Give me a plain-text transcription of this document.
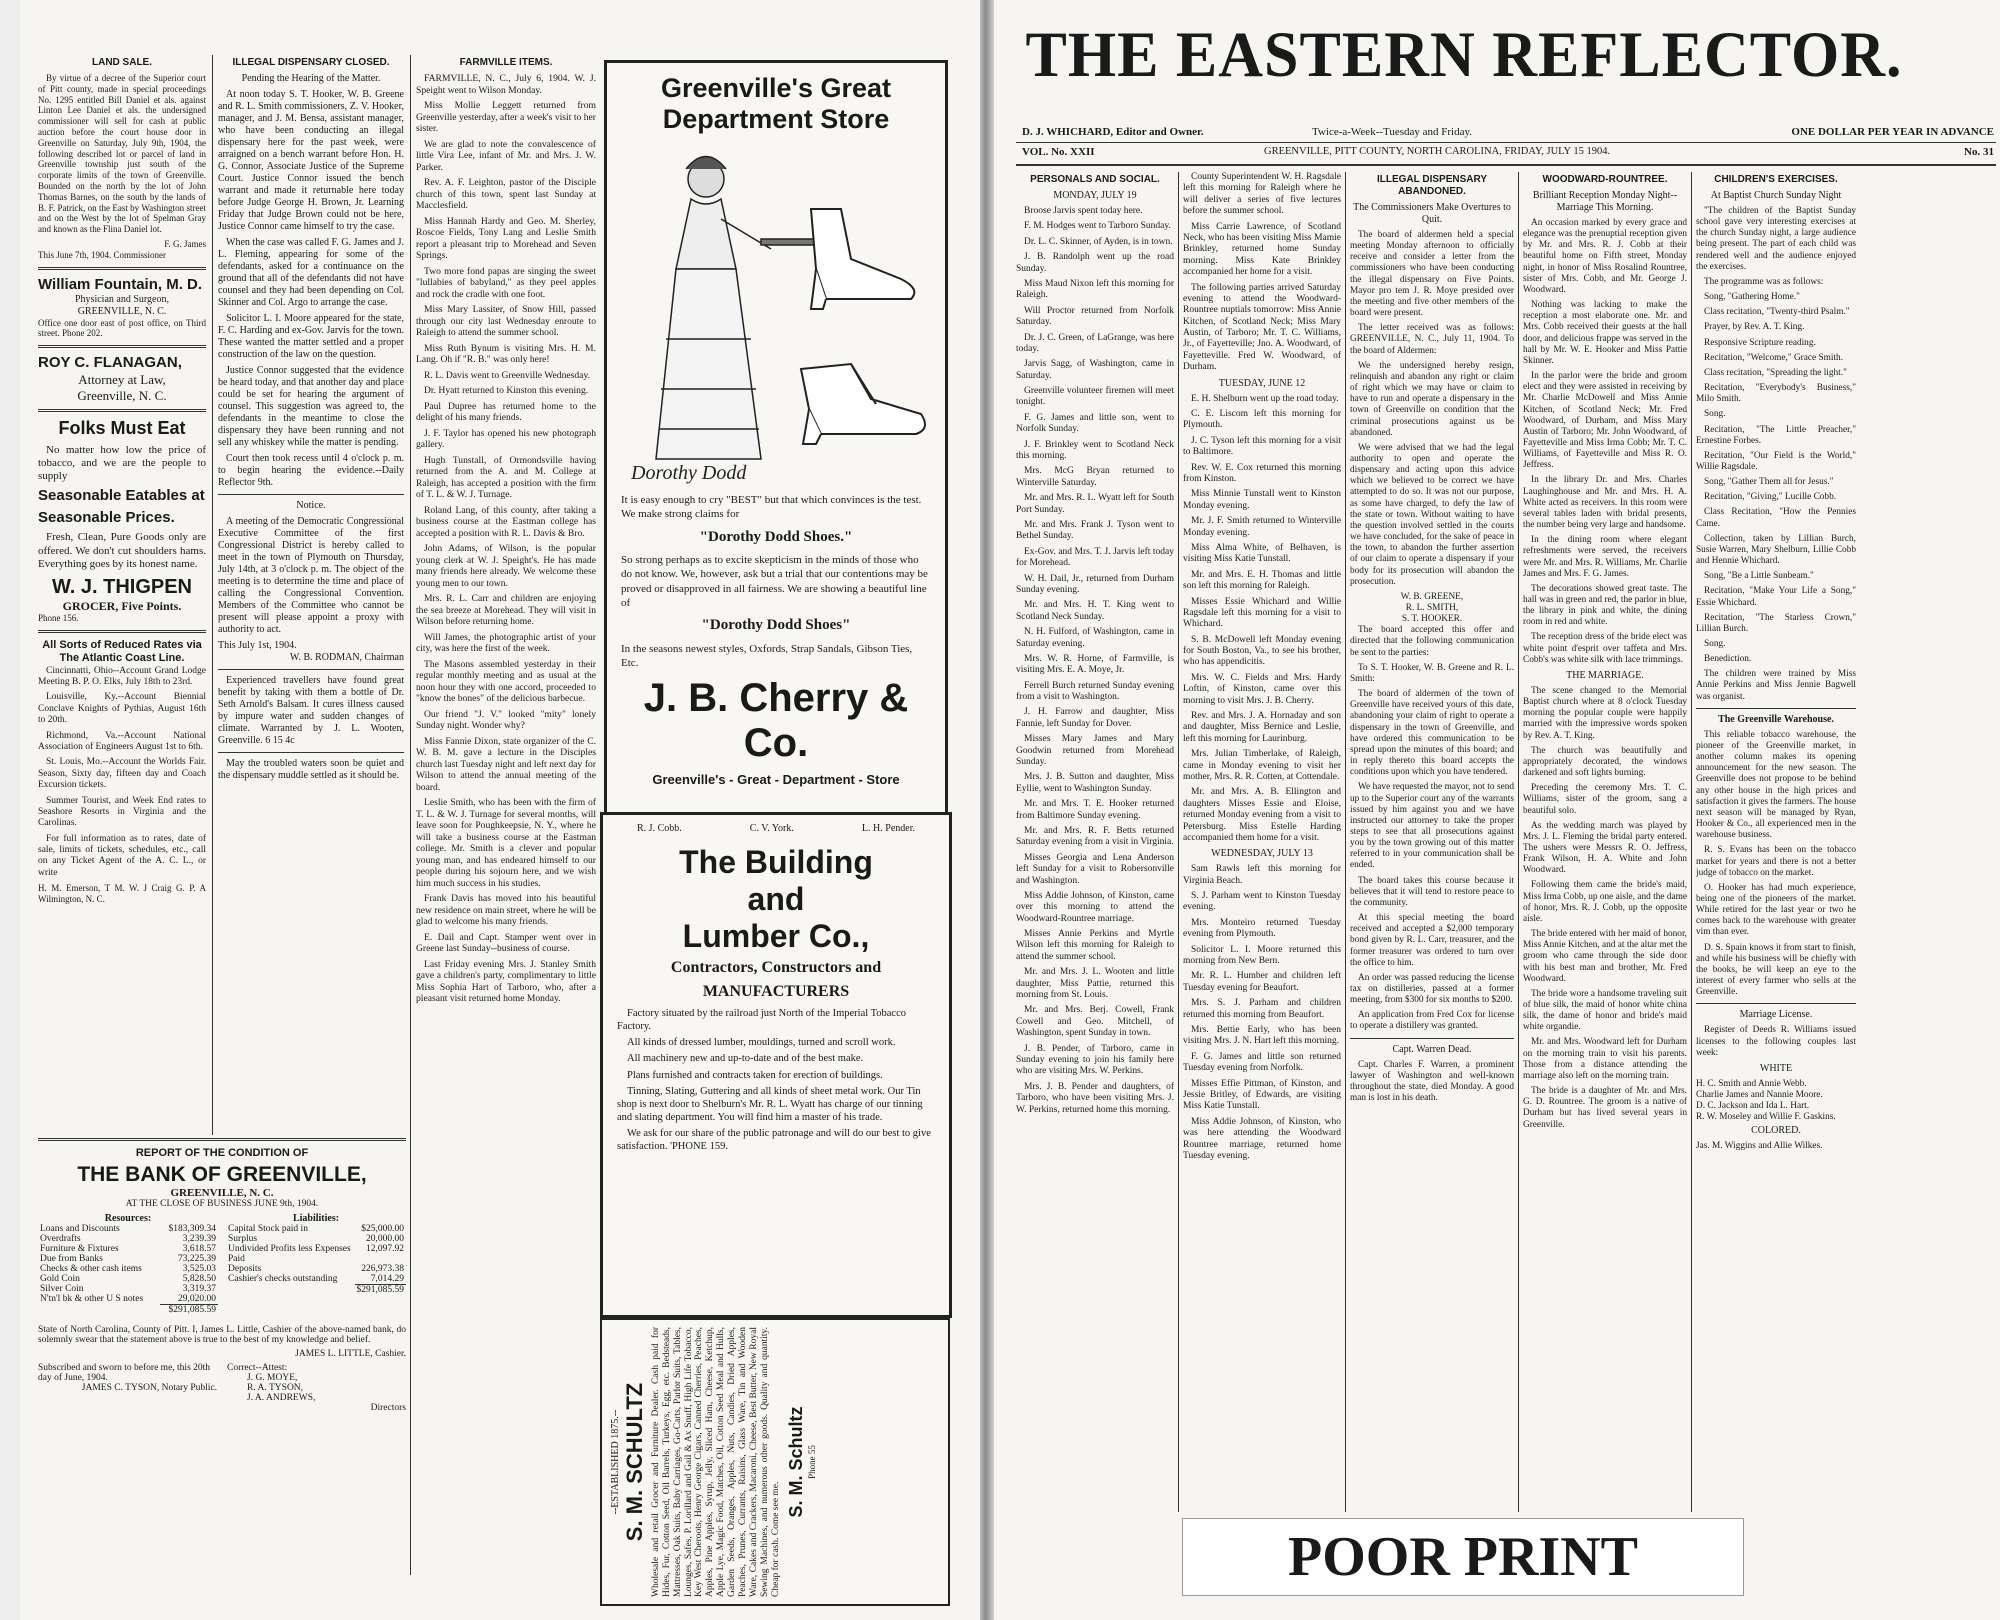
LAND SALE.

By virtue of a decree of the Superior court of Pitt county, made in special proceedings No. 1295 entitled Bill Daniel et als. against Linton Lee Daniel et als. the undersigned commissioner will sell for cash at public auction before the court house door in Greenville on Saturday, July 9th, 1904, the following described lot or parcel of land in Greenville township just south of the corporate limits of the town of Greenville. Bounded on the north by the lot of John Thomas Barnes, on the south by the lands of B. F. Patrick, on the East by Washington street and on the West by the lot of Spelman Gray and known as the Flina Daniel lot.

F. G. James
This June 7th, 1904. Commissioner
William Fountain, M. D.
Physician and Surgeon,
GREENVILLE, N. C.
Office one door east of post office, on Third street. Phone 202.
ROY C. FLANAGAN,
Attorney at Law,
Greenville, N. C.
Folks Must Eat

No matter how low the price of tobacco, and we are the people to supply

Seasonable Eatables at
Seasonable Prices.

Fresh, Clean, Pure Goods only are offered. We don't cut shoulders hams. Everything goes by its honest name.

W. J. THIGPEN
GROCER, Five Points.
Phone 156.
All Sorts of Reduced Rates via The Atlantic Coast Line.

Cincinnatti, Ohio--Account Grand Lodge Meeting B. P. O. Elks, July 18th to 23rd.

Louisville, Ky.--Account Biennial Conclave Knights of Pythias, August 16th to 20th.

Richmond, Va.--Account National Association of Engineers August 1st to 6th.

St. Louis, Mo.--Account the Worlds Fair. Season, Sixty day, fifteen day and Coach Excursion tickets.

Summer Tourist, and Week End rates to Seashore Resorts in Virginia and the Carolinas.

For full information as to rates, date of sale, limits of tickets, schedules, etc., call on any Ticket Agent of the A. C. L., or write

H. M. Emerson, T M. W. J Craig G. P. A Wilmington, N. C.
ILLEGAL DISPENSARY CLOSED.
Pending the Hearing of the Matter.

At noon today S. T. Hooker, W. B. Greene and R. L. Smith commissioners, Z. V. Hooker, manager, and J. M. Bensa, assistant manager, who have been conducting an illegal dispensary here for the past week, were arraigned on a bench warrant before Hon. H. G. Connor, Associate Justice of the Supreme Court. Justice Connor issued the bench warrant and made it returnable here today before Judge George H. Brown, Jr. Learning Friday that Judge Brown could not be here, Justice Connor came himself to try the case.

When the case was called F. G. James and J. L. Fleming, appearing for some of the defendants, asked for a continuance on the ground that all of the defendants did not have counsel and they had been depending on Col. Skinner and Col. Argo to arrange the case.

Solicitor L. I. Moore appeared for the state, F. C. Harding and ex-Gov. Jarvis for the town. These wanted the matter settled and a proper construction of the law on the question.

Justice Connor suggested that the evidence be heard today, and that another day and place could be set for hearing the argument of counsel. This suggestion was agreed to, the defendants in the meantime to close the dispensary they have been running and not sell any whiskey while the matter is pending.

Court then took recess until 4 o'clock p. m. to begin hearing the evidence.--Daily Reflector 9th.

Notice.

A meeting of the Democratic Congressional Executive Committee of the first Congressional District is hereby called to meet in the town of Plymouth on Thursday, July 14th, at 3 o'clock p. m. The object of the meeting is to determine the time and place of calling the Congressional Convention. Members of the Committee who cannot be present will please appoint a proxy with authority to act.

This July 1st, 1904.
W. B. RODMAN, Chairman

Experienced travellers have found great benefit by taking with them a bottle of Dr. Seth Arnold's Balsam. It cures illness caused by impure water and sudden changes of climate. Warranted by J. L. Wooten, Greenville. 6 15 4c

May the troubled waters soon be quiet and the dispensary muddle settled as it should be.

FARMVILLE ITEMS.

FARMVILLE, N. C., July 6, 1904. W. J. Speight went to Wilson Monday.

Miss Mollie Leggett returned from Greenville yesterday, after a week's visit to her sister.

We are glad to note the convalescence of little Vira Lee, infant of Mr. and Mrs. J. W. Parker.

Rev. A. F. Leighton, pastor of the Disciple church of this town, spent last Sunday at Macclesfield.

Miss Hannah Hardy and Geo. M. Sherley, Roscoe Fields, Tony Lang and Leslie Smith report a pleasant trip to Morehead and Seven Springs.

Two more fond papas are singing the sweet "lullabies of babyland," as they peel apples and rock the cradle with one foot.

Miss Mary Lassiter, of Snow Hill, passed through our city last Wednesday enroute to Raleigh to attend the summer school.

Miss Ruth Bynum is visiting Mrs. H. M. Lang. Oh if "R. B." was only here!

R. L. Davis went to Greenville Wednesday.

Dr. Hyatt returned to Kinston this evening.

Paul Dupree has returned home to the delight of his many friends.

J. F. Taylor has opened his new photograph gallery.

Hugh Tunstall, of Ormondsville having returned from the A. and M. College at Raleigh, has accepted a position with the firm of T. L. & W. J. Turnage.

Roland Lang, of this county, after taking a business course at the Eastman college has accepted a position with R. L. Davis & Bro.

John Adams, of Wilson, is the popular young clerk at W. J. Speight's. He has made many friends here already. We welcome these young men to our town.

Mrs. R. L. Carr and children are enjoying the sea breeze at Morehead. They will visit in Wilson before returning home.

Will James, the photographic artist of your city, was here the first of the week.

The Masons assembled yesterday in their regular monthly meeting and as usual at the noon hour they with one accord, proceeded to "know the bones" of the delicious barbecue.

Our friend "J. V." looked "mity" lonely Sunday night. Wonder why?

Miss Fannie Dixon, state organizer of the C. W. B. M. gave a lecture in the Disciples church last Tuesday night and left next day for Wilson to attend the annual meeting of the board.

Leslie Smith, who has been with the firm of T. L. & W. J. Turnage for several months, will leave soon for Poughkeepsie, N. Y., where he will take a business course at the Eastman college. Mr. Smith is a clever and popular young man, and has endeared himself to our people during his sojourn here, and we wish him much success in his studies.

Frank Davis has moved into his beautiful new residence on main street, where he will be glad to welcome his many friends.

E. Dail and Capt. Stamper went over in Greene last Sunday--business of course.

Last Friday evening Mrs. J. Stanley Smith gave a children's party, complimentary to little Miss Sophia Hart of Tarboro, who, after a pleasant visit returned home Monday.

REPORT OF THE CONDITION OF
THE BANK OF GREENVILLE,
GREENVILLE, N. C.
AT THE CLOSE OF BUSINESS JUNE 9th, 1904.
Resources:
Loans and Discounts	$183,309.34
Overdrafts	3,239.39
Furniture & Fixtures	3,618.57
Due from Banks	73,225.39
Checks & other cash items	3,525.03
Gold Coin	5,828.50
Silver Coin	3,319.37
N'tn'l bk & other U S notes	29,020.00
	$291,085.59
Liabilities:
Capital Stock paid in	$25,000.00
Surplus	20,000.00
Undivided Profits less Expenses Paid	12,097.92
Deposits	226,973.38
Cashier's checks outstanding	7,014.29
	$291,085.59

State of North Carolina, County of Pitt. I, James L. Little, Cashier of the above-named bank, do solemnly swear that the statement above is true to the best of my knowledge and belief.

JAMES L. LITTLE, Cashier.
Subscribed and sworn to before me, this 20th day of June, 1904.
JAMES C. TYSON, Notary Public.
Correct--Attest:
J. G. MOYE,
R. A. TYSON,
J. A. ANDREWS,
Directors
Greenville's Great
Department Store
Dorothy Dodd

It is easy enough to cry "BEST" but that which convinces is the test. We make strong claims for

"Dorothy Dodd Shoes."

So strong perhaps as to excite skepticism in the minds of those who do not know. We, however, ask but a trial that our contentions may be proved or disapproved in all fairness. We are showing a beautiful line of

"Dorothy Dodd Shoes"

In the seasons newest styles, Oxfords, Strap Sandals, Gibson Ties, Etc.

J. B. Cherry & Co.
Greenville's - Great - Department - Store
R. J. Cobb.	C. V. York.	L. H. Pender.
The Building
and
Lumber Co.,
Contractors, Constructors and
MANUFACTURERS

Factory situated by the railroad just North of the Imperial Tobacco Factory.

All kinds of dressed lumber, mouldings, turned and scroll work.

All machinery new and up-to-date and of the best make.

Plans furnished and contracts taken for erection of buildings.

Tinning, Slating, Guttering and all kinds of sheet metal work. Our Tin shop is next door to Shelburn's Mr. R. L. Wyatt has charge of our tinning and slating department. You will find him a master of his trade.

We ask for our share of the public patronage and will do our best to give satisfaction. 'PHONE 159.

--ESTABLISHED 1875.-- S. M. SCHULTZ Wholesale and retail Grocer and Furniture Dealer. Cash paid for Hides, Fur, Cotton Seed, Oil Barrels, Turkeys, Egg, etc. Bedsteads, Mattresses, Oak Suits, Baby Carriages, Go-Carts, Parlor Suits, Tables, Lounges, Safes, P. Lorillard and Gail & Ax Snuff, High Life Tobacco, Key West Cheroots, Henry George Cigars, Canned Cherries, Peaches, Apples, Pine Apples, Syrup, Jelly, Sliced Ham, Cheese, Ketchup, Apple Lye, Magic Food, Matches, Oil, Cotton Seed Meal and Hulls, Garden Seeds, Oranges, Apples, Nuts, Candies, Dried Apples, Peaches, Prunes, Currants, Raisins, Glass Ware, Tin and Wooden Ware, Cakes and Crackers, Macaroni, Cheese, Best Butter, New Royal Sewing Machines, and numerous other goods. Quality and quantity. Cheap for cash. Come see me.

S. M. Schultz Phone 55
THE EASTERN REFLECTOR.
D. J. WHICHARD, Editor and Owner.	Twice-a-Week--Tuesday and Friday.	ONE DOLLAR PER YEAR IN ADVANCE
VOL. No. XXII	GREENVILLE, PITT COUNTY, NORTH CAROLINA, FRIDAY, JULY 15 1904.	No. 31
PERSONALS AND SOCIAL.
MONDAY, JULY 19

Broose Jarvis spent today here.

F. M. Hodges went to Tarboro Sunday.

Dr. L. C. Skinner, of Ayden, is in town.

J. B. Randolph went up the road Sunday.

Miss Maud Nixon left this morning for Raleigh.

Will Proctor returned from Norfolk Saturday.

Dr. J. C. Green, of LaGrange, was here today.

Jarvis Sagg, of Washington, came in Saturday.

Greenville volunteer firemen will meet tonight.

F. G. James and little son, went to Norfolk Sunday.

J. F. Brinkley went to Scotland Neck this morning.

Mrs. McG Bryan returned to Winterville Saturday.

Mr. and Mrs. R. L. Wyatt left for South Port Sunday.

Mr. and Mrs. Frank J. Tyson went to Bethel Sunday.

Ex-Gov. and Mrs. T. J. Jarvis left today for Morehead.

W. H. Dail, Jr., returned from Durham Sunday evening.

Mr. and Mrs. H. T. King went to Scotland Neck Sunday.

N. H. Fulford, of Washington, came in Saturday evening.

Mrs. W. R. Horne, of Farmville, is visiting Mrs. E. A. Moye, Jr.

Ferrell Burch returned Sunday evening from a visit to Washington.

J. H. Farrow and daughter, Miss Fannie, left Sunday for Dover.

Misses Mary James and Mary Goodwin returned from Morehead Sunday.

Mrs. J. B. Sutton and daughter, Miss Eyllie, went to Washington Sunday.

Mr. and Mrs. T. E. Hooker returned from Baltimore Sunday evening.

Mr. and Mrs. R. F. Betts returned Saturday evening from a visit in Virginia.

Misses Georgia and Lena Anderson left Sunday for a visit to Robersonville and Washington.

Miss Addie Johnson, of Kinston, came over this morning to attend the Woodward-Rountree marriage.

Misses Annie Perkins and Myrtle Wilson left this morning for Raleigh to attend the summer school.

Mr. and Mrs. J. L. Wooten and little daughter, Miss Pattie, returned this morning from St. Louis.

Mr. and Mrs. Berj. Cowell, Frank Cowell and Geo. Mitchell, of Washington, spent Sunday in town.

J. B. Pender, of Tarboro, came in Sunday evening to join his family here who are visiting Mrs. W. Perkins.

Mrs. J. B. Pender and daughters, of Tarboro, who have been visiting Mrs. J. W. Perkins, returned home this morning.

County Superintendent W. H. Ragsdale left this morning for Raleigh where he will deliver a series of five lectures before the summer school.

Miss Carrie Lawrence, of Scotland Neck, who has been visiting Miss Mamie Brinkley, returned home Sunday morning. Miss Kate Brinkley accompanied her home for a visit.

The following parties arrived Saturday evening to attend the Woodward-Rountree nuptials tomorrow: Miss Annie Kitchen, of Scotland Neck; Miss Mary Austin, of Tarboro; Mr. T. C. Williams, Jr., of Fayetteville; Jno. A. Woodward, of Fayetteville. Fred W. Woodward, of Durham.

TUESDAY, JUNE 12

E. H. Shelburn went up the road today.

C. E. Liscom left this morning for Plymouth.

J. C. Tyson left this morning for a visit to Baltimore.

Rev. W. E. Cox returned this morning from Kinston.

Miss Minnie Tunstall went to Kinston Monday evening.

Mr. J. F. Smith returned to Winterville Monday evening.

Miss Alma White, of Belhaven, is visiting Miss Katie Tunstall.

Mr. and Mrs. E. H. Thomas and little son left this morning for Raleigh.

Misses Essie Whichard and Willie Ragsdale left this morning for a visit to Whichard.

S. B. McDowell left Monday evening for South Boston, Va., to see his brother, who has appendicitis.

Mrs. W. C. Fields and Mrs. Hardy Loftin, of Kinston, came over this morning to visit Mrs. J. B. Cherry.

Rev. and Mrs. J. A. Hornaday and son and daughter, Miss Bernice and Leslie, left this morning for Laurinburg.

Mrs. Julian Timberlake, of Raleigh, came in Monday evening to visit her mother, Mrs. R. R. Cotten, at Cottendale.

Mr. and Mrs. A. B. Ellington and daughters Misses Essie and Eloise, returned Monday evening from a visit to Petersburg. Miss Estelle Harding accompanied them home for a visit.

WEDNESDAY, JULY 13

Sam Rawls left this morning for Virginia Beach.

S. J. Parham went to Kinston Tuesday evening.

Mrs. Monteiro returned Tuesday evening from Plymouth.

Solicitor L. I. Moore returned this morning from New Bern.

Mr. R. L. Humber and children left Tuesday evening for Beaufort.

Mrs. S. J. Parham and children returned this morning from Beaufort.

Mrs. Bettie Early, who has been visiting Mrs. J. N. Hart left this morning.

F. G. James and little son returned Tuesday evening from Norfolk.

Misses Effie Pittman, of Kinston, and Jessie Britley, of Edwards, are visiting Miss Katie Tunstall.

Miss Addie Johnson, of Kinston, who was here attending the Woodward Rountree marriage, returned home Tuesday evening.

ILLEGAL DISPENSARY ABANDONED.
The Commissioners Make Overtures to Quit.

The board of aldermen held a special meeting Monday afternoon to officially receive and consider a letter from the commissioners who have been conducting the illegal dispensary on Five Points. Mayor pro tem J. R. Moye presided over the meeting and five other members of the board were present.

The letter received was as follows: GREENVILLE, N. C., July 11, 1904. To the board of Aldermen:

We the undersigned hereby resign, relinquish and abandon any right or claim of right which we may have or claim to have to run and operate a dispensary in the town of Greenville on condition that the criminal prosecutions against us be abandoned.

We were advised that we had the legal authority to open and operate the dispensary and acting upon this advice which we believed to be correct we have attempted to do so. It was not our purpose, as some have charged, to defy the law of the state or town. Without waiting to have the question involved settled in the courts we have concluded, for the sake of peace in the town, to abandon the further assertion of our claim to operate a dispensary if your body for its prosecution will abandon the prosecution.

W. B. GREENE,
R. L. SMITH,
S. T. HOOKER.

The board accepted this offer and directed that the following communication be sent to the parties:

To S. T. Hooker, W. B. Greene and R. L. Smith:

The board of aldermen of the town of Greenville have received yours of this date, abandoning your claim of right to operate a dispensary in the town of Greenville, and have ordered this communication to be spread upon the minutes of this board; and in reply thereto this board accepts the conditions upon which you have tendered.

We have requested the mayor, not to send up to the Superior court any of the warrants issued by him against you and we have instructed our attorney to take the proper steps to see that all prosecutions against you by the town growing out of this matter referred to in your communication shall be ended.

The board takes this course because it believes that it will tend to restore peace to the community.

At this special meeting the board received and accepted a $2,000 temporary bond given by R. L. Carr, treasurer, and the former treasurer was ordered to turn over the office to him.

An order was passed reducing the license tax on distilleries, passed at a former meeting, from $300 for six months to $200.

An application from Fred Cox for license to operate a distillery was granted.

Capt. Warren Dead.

Capt. Charles F. Warren, a prominent lawyer of Washington and well-known throughout the state, died Monday. A good man is lost in his death.

WOODWARD-ROUNTREE.
Brilliant Reception Monday Night--Marriage This Morning.

An occasion marked by every grace and elegance was the prenuptial reception given by Mr. and Mrs. R. J. Cobb at their beautiful home on Fifth street, Monday night, in honor of Miss Rosalind Rountree, sister of Mrs. Cobb, and Mr. George J. Woodward.

Nothing was lacking to make the reception a most elaborate one. Mr. and Mrs. Cobb received their guests at the hall door, and delicious frappe was served in the hall by Mr. W. E. Hooker and Miss Pattie Skinner.

In the parlor were the bride and groom elect and they were assisted in receiving by Mr. Charlie McDowell and Miss Annie Kitchen, of Scotland Neck; Mr. Fred Woodward, of Durham, and Miss Mary Austin of Tarboro; Mr. John Woodward, of Fayetteville and Miss Irma Cobb; Mr. T. C. Williams, of Fayetteville and Miss R. O. Jeffress.

In the library Dr. and Mrs. Charles Laughinghouse and Mr. and Mrs. H. A. White acted as receivers. In this room were several tables laden with bridal presents, the number being very large and handsome.

In the dining room where elegant refreshments were served, the receivers were Mr. and Mrs. R. Williams, Mr. Charlie James and Mrs. F. G. James.

The decorations showed great taste. The hall was in green and red, the parlor in blue, the library in pink and white, the dining room in red and white.

The reception dress of the bride elect was white point d'esprit over taffeta and Mrs. Cobb's was white silk with lace trimmings.

THE MARRIAGE.

The scene changed to the Memorial Baptist church where at 8 o'clock Tuesday morning the popular couple were happily married with the impressive words spoken by Rev. A. T. King.

The church was beautifully and appropriately decorated, the windows darkened and soft lights burning.

Preceding the ceremony Mrs. T. C. Williams, sister of the groom, sang a beautiful solo.

As the wedding march was played by Mrs. J. L. Fleming the bridal party entered. The ushers were Messrs R. O. Jeffress, Frank Wilson, H. A. White and John Woodward.

Following them came the bride's maid, Miss Irma Cobb, up one aisle, and the dame of honor, Mrs. R. J. Cobb, up the opposite aisle.

The bride entered with her maid of honor, Miss Annie Kitchen, and at the altar met the groom who came through the side door with his best man and brother, Mr. Fred Woodward.

The bride wore a handsome traveling suit of blue silk, the maid of honor white china silk, the dame of honor and bride's maid white organdie.

Mr. and Mrs. Woodward left for Durham on the morning train to visit his parents. Those from a distance attending the marriage also left on the morning train.

The bride is a daughter of Mr. and Mrs. G. D. Rountree. The groom is a native of Durham but has lived several years in Greenville.

CHILDREN'S EXERCISES.
At Baptist Church Sunday Night

"The children of the Baptist Sunday school gave very interesting exercises at the church Sunday night, a large audience being present. The part of each child was rendered well and the audience enjoyed the exercises.

The programme was as follows:

Song, "Gathering Home."

Class recitation, "Twenty-third Psalm."

Prayer, by Rev. A. T. King.

Responsive Scripture reading.

Recitation, "Welcome," Grace Smith.

Class recitation, "Spreading the light."

Recitation, "Everybody's Business," Milo Smith.

Song.

Recitation, "The Little Preacher," Ernestine Forbes.

Recitation, "Our Field is the World," Willie Ragsdale.

Song, "Gather Them all for Jesus."

Recitation, "Giving," Lucille Cobb.

Class Recitation, "How the Pennies Came.

Collection, taken by Lillian Burch, Susie Warren, Mary Shelburn, Lillie Cobb and Hennie Whichard.

Song, "Be a Little Sunbeam."

Recitation, "Make Your Life a Song," Essie Whichard.

Recitation, "The Starless Crown," Lillian Burch.

Song.

Benediction.

The children were trained by Miss Annie Perkins and Miss Jennie Bagwell was organist.

The Greenville Warehouse.

This reliable tobacco warehouse, the pioneer of the Greenville market, in another column makes its opening announcement for the new season. The Greenville does not propose to be behind any other house in the high prices and satisfaction it gives the farmers. The house next season will be managed by Ryan, Hooker & Co., all experienced men in the warehouse business.

R. S. Evans has been on the tobacco market for years and there is not a better judge of tobacco on the market.

O. Hooker has had much experience, being one of the pioneers of the market. While retired for the last year or two he comes back to the warehouse with greater vim than ever.

D. S. Spain knows it from start to finish, and while his business will be chiefly with the books, he will keep an eye to the interest of every farmer who sells at the Greenville.

Marriage License.

Register of Deeds R. Williams issued licenses to the following couples last week:

WHITE
H. C. Smith and Annie Webb.
Charlie James and Nannie Moore.
D. C. Jackson and Ida L. Hart.
R. W. Moseley and Willie F. Gaskins.
COLORED.
Jas. M. Wiggins and Allie Wilkes.
POOR PRINT
